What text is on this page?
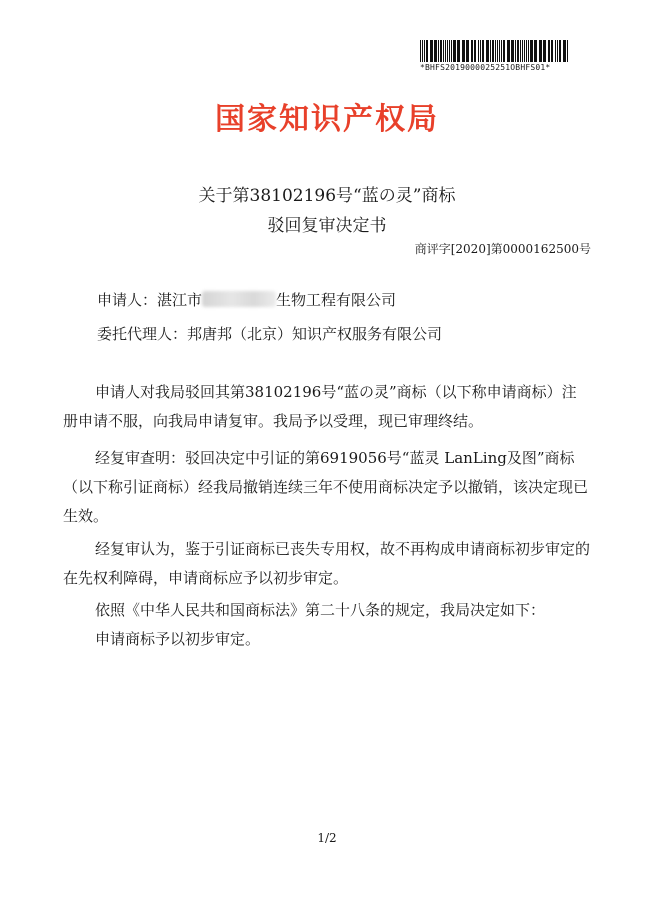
*BHFS2019000025251OBHFS01*
国家知识产权局
关于第38102196号“蓝の灵”商标
驳回复审决定书
商评字[2020]第0000162500号
申请人：湛江市	生物工程有限公司
委托代理人：邦唐邦（北京）知识产权服务有限公司

申请人对我局驳回其第38102196号“蓝の灵”商标（以下称申请商标）注册申请不服，向我局申请复审。我局予以受理，现已审理终结。

经复审查明：驳回决定中引证的第6919056号“蓝灵 LanLing及图”商标（以下称引证商标）经我局撤销连续三年不使用商标决定予以撤销，该决定现已生效。

经复审认为，鉴于引证商标已丧失专用权，故不再构成申请商标初步审定的在先权利障碍，申请商标应予以初步审定。

依照《中华人民共和国商标法》第二十八条的规定，我局决定如下：

申请商标予以初步审定。

1/2
